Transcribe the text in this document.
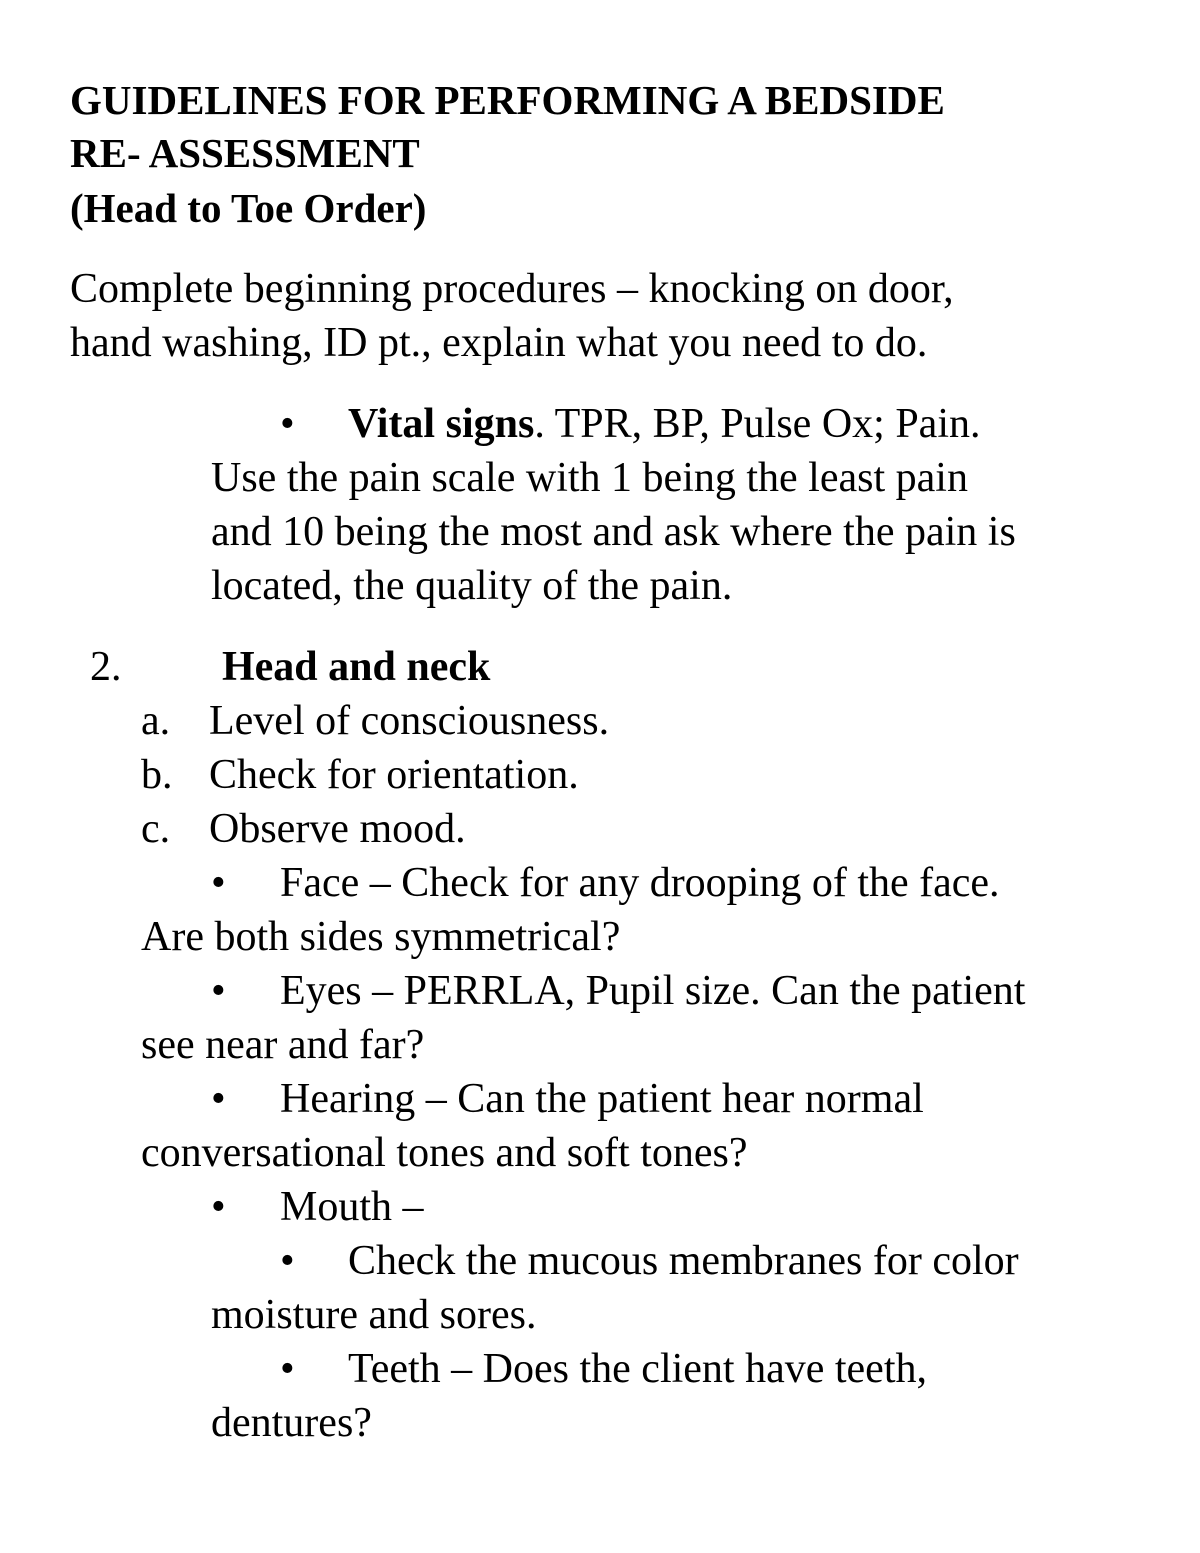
GUIDELINES FOR PERFORMING A BEDSIDE
RE- ASSESSMENT
(Head to Toe Order)
Complete beginning procedures – knocking on door,
hand washing, ID pt., explain what you need to do.
• Vital signs. TPR, BP, Pulse Ox; Pain.
Use the pain scale with 1 being the least pain
and 10 being the most and ask where the pain is
located, the quality of the pain.
2. Head and neck
a. Level of consciousness.
b. Check for orientation.
c. Observe mood.
• Face – Check for any drooping of the face.
Are both sides symmetrical?
• Eyes – PERRLA, Pupil size. Can the patient
see near and far?
• Hearing – Can the patient hear normal
conversational tones and soft tones?
• Mouth –
• Check the mucous membranes for color
moisture and sores.
• Teeth – Does the client have teeth,
dentures?
